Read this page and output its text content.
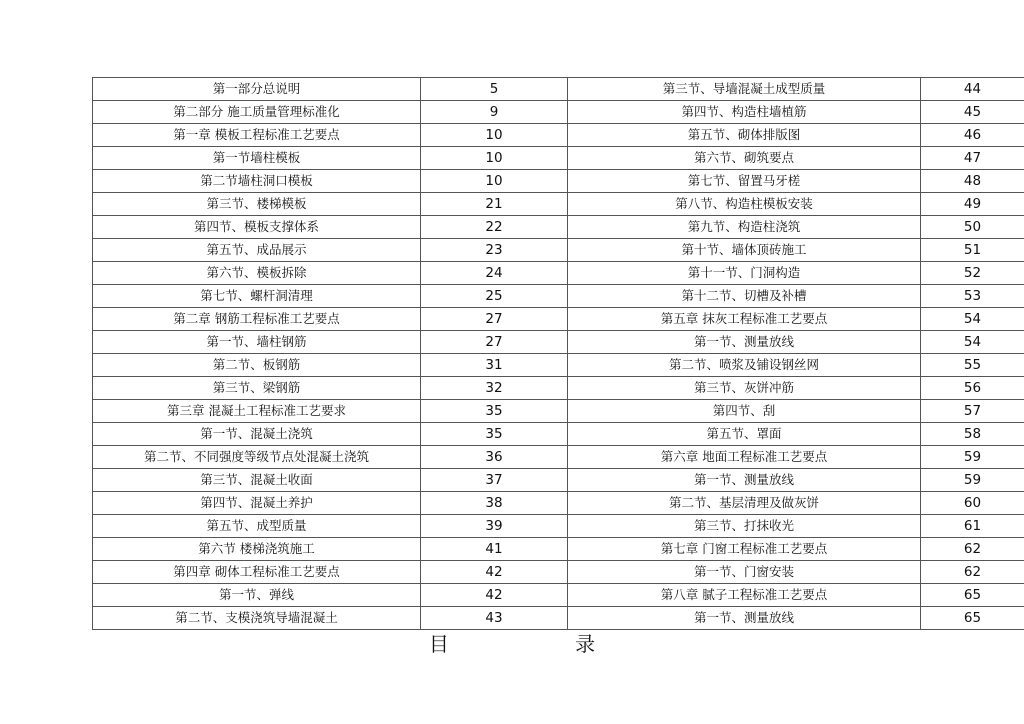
第一部分总说明	5	第三节、导墙混凝土成型质量	44
第二部分 施工质量管理标准化	9	第四节、构造柱墙植筋	45
第一章 模板工程标准工艺要点	10	第五节、砌体排版图	46
第一节墙柱模板	10	第六节、砌筑要点	47
第二节墙柱洞口模板	10	第七节、留置马牙槎	48
第三节、楼梯模板	21	第八节、构造柱模板安装	49
第四节、模板支撑体系	22	第九节、构造柱浇筑	50
第五节、成品展示	23	第十节、墙体顶砖施工	51
第六节、模板拆除	24	第十一节、门洞构造	52
第七节、螺杆洞清理	25	第十二节、切槽及补槽	53
第二章 钢筋工程标准工艺要点	27	第五章 抹灰工程标准工艺要点	54
第一节、墙柱钢筋	27	第一节、测量放线	54
第二节、板钢筋	31	第二节、喷浆及铺设钢丝网	55
第三节、梁钢筋	32	第三节、灰饼冲筋	56
第三章 混凝土工程标准工艺要求	35	第四节、刮	57
第一节、混凝土浇筑	35	第五节、罩面	58
第二节、不同强度等级节点处混凝土浇筑	36	第六章 地面工程标准工艺要点	59
第三节、混凝土收面	37	第一节、测量放线	59
第四节、混凝土养护	38	第二节、基层清理及做灰饼	60
第五节、成型质量	39	第三节、打抹收光	61
第六节 楼梯浇筑施工	41	第七章 门窗工程标准工艺要点	62
第四章 砌体工程标准工艺要点	42	第一节、门窗安装	62
第一节、弹线	42	第八章 腻子工程标准工艺要点	65
第二节、支模浇筑导墙混凝土	43	第一节、测量放线	65
目 录
